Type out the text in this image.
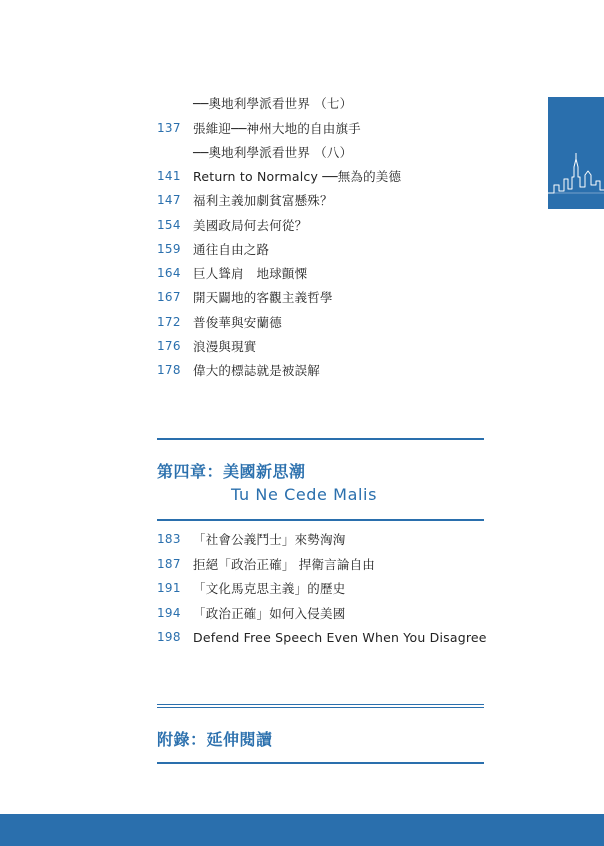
──奧地利學派看世界 （七）
137 張維迎──神州大地的自由旗手
──奧地利學派看世界 （八）
141 Return to Normalcy ──無為的美德
147 福利主義加劇貧富懸殊？
154 美國政局何去何從？
159 通往自由之路
164 巨人聳肩　地球顫慄
167 開天闢地的客觀主義哲學
172 普俊華與安蘭德
176 浪漫與現實
178 偉大的標誌就是被誤解
第四章：美國新思潮
Tu Ne Cede Malis
183 「社會公義鬥士」來勢洶洶
187 拒絕「政治正確」 捍衛言論自由
191 「文化馬克思主義」的歷史
194 「政治正確」如何入侵美國
198 Defend Free Speech Even When You Disagree
附錄：延伸閱讀
